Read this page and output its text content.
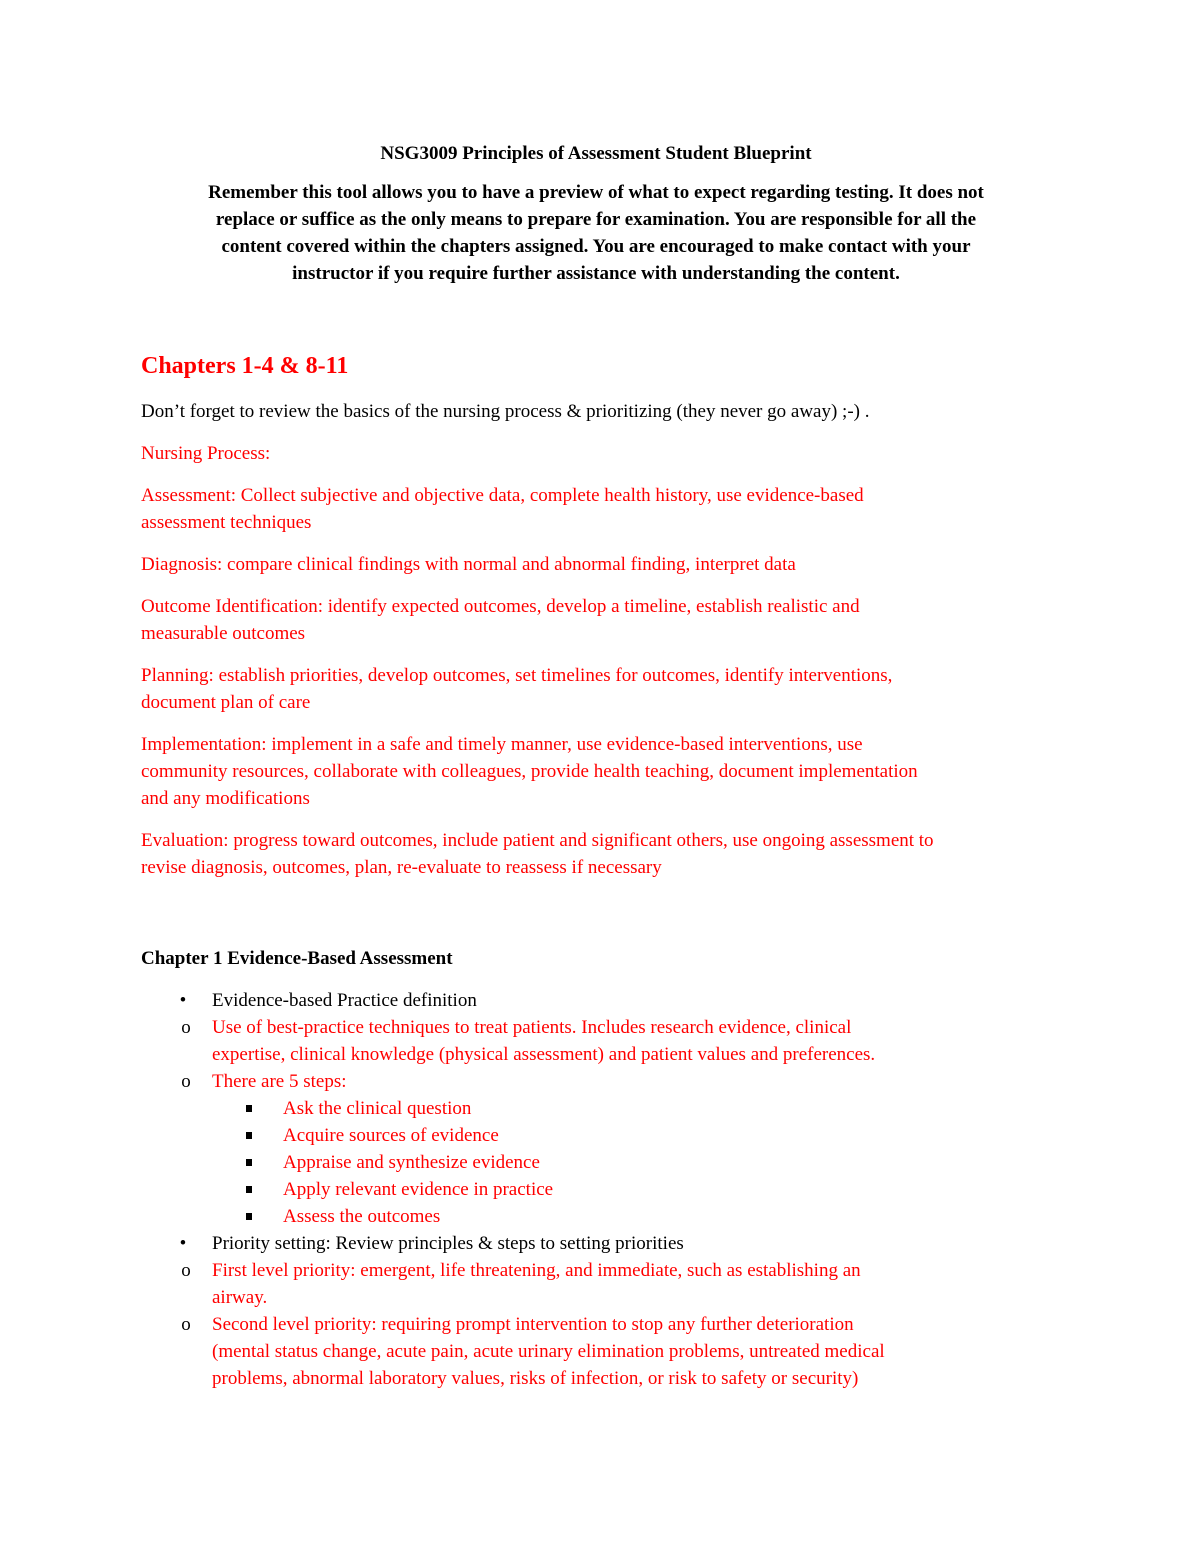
NSG3009 Principles of Assessment Student Blueprint
Remember this tool allows you to have a preview of what to expect regarding testing. It does not
replace or suffice as the only means to prepare for examination. You are responsible for all the
content covered within the chapters assigned. You are encouraged to make contact with your
instructor if you require further assistance with understanding the content.
Chapters 1-4 & 8-11
Don’t forget to review the basics of the nursing process & prioritizing (they never go away) ;-) .
Nursing Process:
Assessment: Collect subjective and objective data, complete health history, use evidence-based
assessment techniques
Diagnosis: compare clinical findings with normal and abnormal finding, interpret data
Outcome Identification: identify expected outcomes, develop a timeline, establish realistic and
measurable outcomes
Planning: establish priorities, develop outcomes, set timelines for outcomes, identify interventions,
document plan of care
Implementation: implement in a safe and timely manner, use evidence-based interventions, use
community resources, collaborate with colleagues, provide health teaching, document implementation
and any modifications
Evaluation: progress toward outcomes, include patient and significant others, use ongoing assessment to
revise diagnosis, outcomes, plan, re-evaluate to reassess if necessary
Chapter 1 Evidence-Based Assessment
•	Evidence-based Practice definition
o Use of best-practice techniques to treat patients. Includes research evidence, clinical
expertise, clinical knowledge (physical assessment) and patient values and preferences.
o There are 5 steps:
Ask the clinical question
Acquire sources of evidence
Appraise and synthesize evidence
Apply relevant evidence in practice
Assess the outcomes
•	Priority setting: Review principles & steps to setting priorities
o First level priority: emergent, life threatening, and immediate, such as establishing an
airway.
o Second level priority: requiring prompt intervention to stop any further deterioration
(mental status change, acute pain, acute urinary elimination problems, untreated medical
problems, abnormal laboratory values, risks of infection, or risk to safety or security)
